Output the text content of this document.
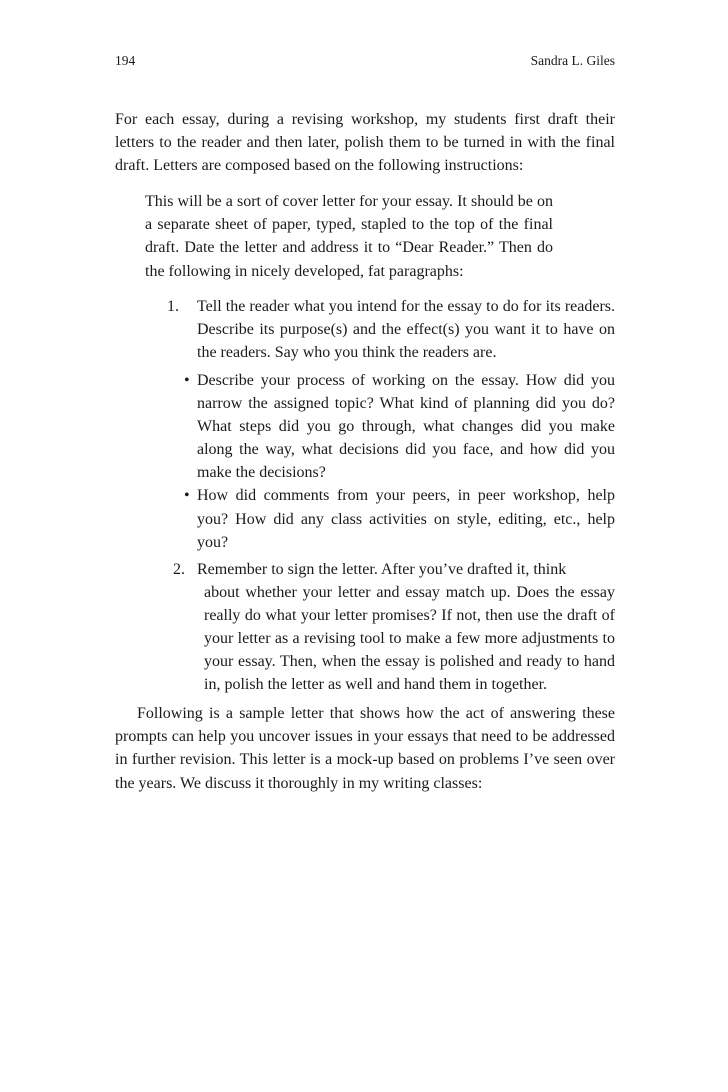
194	Sandra L. Giles

For each essay, during a revising workshop, my students first draft their letters to the reader and then later, polish them to be turned in with the final draft. Letters are composed based on the following instructions:

This will be a sort of cover letter for your essay. It should be on a separate sheet of paper, typed, stapled to the top of the final draft. Date the letter and address it to “Dear Reader.” Then do the following in nicely developed, fat paragraphs:
1. Tell the reader what you intend for the essay to do for its readers. Describe its purpose(s) and the effect(s) you want it to have on the readers. Say who you think the readers are.
• Describe your process of working on the essay. How did you narrow the assigned topic? What kind of planning did you do? What steps did you go through, what changes did you make along the way, what decisions did you face, and how did you make the decisions?
• How did comments from your peers, in peer workshop, help you? How did any class activities on style, editing, etc., help you?
2. Remember to sign the letter. After you’ve drafted it, think
about whether your letter and essay match up. Does the essay really do what your letter promises? If not, then use the draft of your letter as a revising tool to make a few more adjustments to your essay. Then, when the essay is polished and ready to hand in, polish the letter as well and hand them in together.

Following is a sample letter that shows how the act of answering these prompts can help you uncover issues in your essays that need to be addressed in further revision. This letter is a mock-up based on problems I’ve seen over the years. We discuss it thoroughly in my writing classes:
